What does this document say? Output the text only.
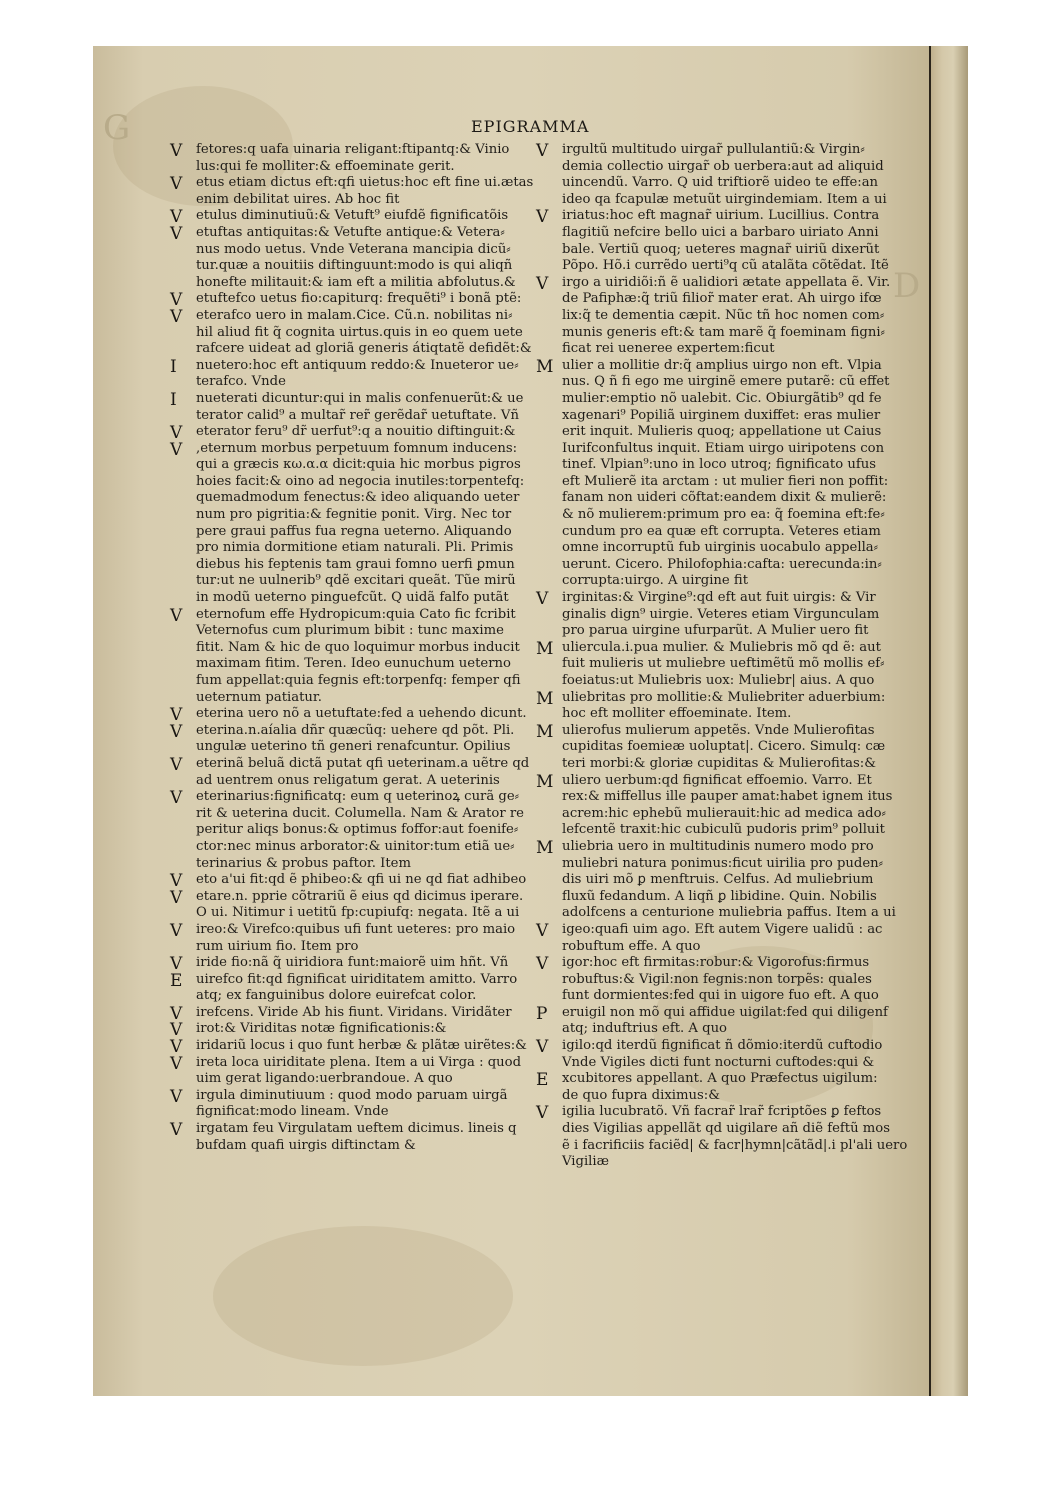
G
D
EPIGRAMMA
V fetores:q uafa uinaria religant:ftipantq:& Vinio
lus:qui fe molliter:& effoeminate gerit.
V etus etiam dictus eft:qfi uietus:hoc eft fine ui.ætas
enim debilitat uires. Ab hoc fit
V etulus diminutiuũ:& Vetuft⁹ eiufdẽ fignificatõis
V etuftas antiquitas:& Vetufte antique:& Vetera⸗
nus modo uetus. Vnde Veterana mancipia dicũ⸗
tur.quæ a nouitiis diftinguunt:modo is qui aliqñ
honefte militauit:& iam eft a militia abfolutus.&
V etuftefco uetus fio:capiturq: frequẽti⁹ i bonã ptẽ:
V eterafco uero in malam.Cice. Cũ.n. nobilitas ni⸗
hil aliud fit q̃ cognita uirtus.quis in eo quem uete
rafcere uideat ad gloriã generis átiqtatẽ defidẽt:&
I	nuetero:hoc eft antiquum reddo:& Inueteror ue⸗
terafco. Vnde
I	nueterati dicuntur:qui in malis confenuerũt:& ue
terator calid⁹ a multar̃ rer̃ gerẽdar̃ uetuftate. Vñ
V eterator feru⁹ dr̃ uerfut⁹:q a nouitio diftinguit:&
V ,eternum morbus perpetuum fomnum inducens:
qui a græcis κω.α.α dicit:quia hic morbus pigros
hoies facit:& oino ad negocia inutiles:torpentefq:
quemadmodum fenectus:& ideo aliquando ueter
num pro pigritia:& fegnitie ponit. Virg. Nec tor
pere graui paffus fua regna ueterno. Aliquando
pro nimia dormitione etiam naturali. Pli. Primis
diebus his feptenis tam graui fomno uerfi ꝑmun
tur:ut ne uulnerib⁹ qdẽ excitari queãt. Tũe mirũ
in modũ ueterno pinguefcũt. Q uidã falfo putãt
V eternofum effe Hydropicum:quia Cato fic fcribit
Veternofus cum plurimum bibit : tunc maxime
fitit. Nam & hic de quo loquimur morbus inducit
maximam fitim. Teren. Ideo eunuchum ueterno
fum appellat:quia fegnis eft:torpenfq: femper qfi
ueternum patiatur.
V eterina uero nõ a uetuftate:fed a uehendo dicunt.
V eterina.n.aíalia dñr quæcũq: uehere qd põt. Pli.
ungulæ ueterino tñ generi renafcuntur. Opilius
V eterinã beluã dictã putat qfi ueterinam.a uẽtre qd
ad uentrem onus religatum gerat. A ueterinis
V eterinarius:fignificatq: eum q ueterinoꝝ curã ge⸗
rit & ueterina ducit. Columella. Nam & Arator re
peritur aliqs bonus:& optimus foffor:aut foenife⸗
ctor:nec minus arborator:& uinitor:tum etiã ue⸗
terinarius & probus paftor. Item
V eto a'ui fit:qd ẽ phibeo:& qfi ui ne qd fiat adhibeo
V etare.n. pprie cõtrariũ ẽ eius qd dicimus iperare.
O ui. Nitimur i uetitũ fp:cupiufq: negata. Itẽ a ui
V ireo:& Virefco:quibus ufi funt ueteres: pro maio
rum uirium fio. Item pro
V iride fio:nã q̃ uiridiora funt:maiorẽ uim hñt. Vñ
E uirefco fit:qd fignificat uiriditatem amitto. Varro
atq; ex fanguinibus dolore euirefcat color.
V irefcens. Viride Ab his fiunt. Viridans. Viridãter
V irot:& Viriditas notæ fignificationis:&
V iridariũ locus i quo funt herbæ & plãtæ uirẽtes:&
V ireta loca uiriditate plena. Item a ui Virga : quod
uim gerat ligando:uerbrandoue. A quo
V irgula diminutiuum : quod modo paruam uirgã
fignificat:modo lineam. Vnde
V irgatam feu Virgulatam ueftem dicimus. lineis q
bufdam quafi uirgis diftinctam &
V irgultũ multitudo uirgar̃ pullulantiũ:& Virgin⸗
demia collectio uirgar̃ ob uerbera:aut ad aliquid
uincendũ. Varro. Q uid triftiorẽ uideo te effe:an
ideo qa fcapulæ metuũt uirgindemiam. Item a ui
V iriatus:hoc eft magnar̃ uirium. Lucillius. Contra
flagitiũ nefcire bello uici a barbaro uiriato Anni
bale. Vertiũ quoq; ueteres magnar̃ uiriũ dixerũt
Põpo. Hõ.i currẽdo uerti⁹q cũ atalãta cõtẽdat. Itẽ
V irgo a uiridiõi:ñ ẽ ualidiori ætate appellata ẽ. Vir.
de Pafiphæ:q̃ triũ filior̃ mater erat. Ah uirgo ifœ
lix:q̃ te dementia cæpit. Nũc tñ hoc nomen com⸗
munis generis eft:& tam marẽ q̃ foeminam figni⸗
ficat rei ueneree expertem:ficut
M ulier a mollitie dr:q̃ amplius uirgo non eft. Vlpia
nus. Q ñ fi ego me uirginẽ emere putarẽ: cũ effet
mulier:emptio nõ ualebit. Cic. Obiurgãtib⁹ qd fe
xagenari⁹ Popiliã uirginem duxiffet: eras mulier
erit inquit. Mulieris quoq; appellatione ut Caius
Iurifconfultus inquit. Etiam uirgo uiripotens con
tinef. Vlpian⁹:uno in loco utroq; fignificato ufus
eft Mulierẽ ita arctam : ut mulier fieri non poffit:
fanam non uideri cõftat:eandem dixit & mulierẽ:
& nõ mulierem:primum pro ea: q̃ foemina eft:fe⸗
cundum pro ea quæ eft corrupta. Veteres etiam
omne incorruptũ fub uirginis uocabulo appella⸗
uerunt. Cicero. Philofophia:cafta: uerecunda:in⸗
corrupta:uirgo. A uirgine fit
V irginitas:& Virgine⁹:qd eft aut fuit uirgis: & Vir
ginalis dign⁹ uirgie. Veteres etiam Virgunculam
pro parua uirgine ufurparũt. A Mulier uero fit
M uliercula.i.pua mulier. & Muliebris mõ qd ẽ: aut
fuit mulieris ut muliebre ueftimẽtũ mõ mollis ef⸗
foeiatus:ut Muliebris uox: Muliebr| aius. A quo
M uliebritas pro mollitie:& Muliebriter aduerbium:
hoc eft molliter effoeminate. Item.
M ulierofus mulierum appetẽs. Vnde Mulierofitas
cupiditas foemieæ uoluptat|. Cicero. Simulq: cæ
teri morbi:& gloriæ cupiditas & Mulierofitas:&
M uliero uerbum:qd fignificat effoemio. Varro. Et
rex:& miffellus ille pauper amat:habet ignem itus
acrem:hic ephebũ mulierauit:hic ad medica ado⸗
lefcentẽ traxit:hic cubiculũ pudoris prim⁹ polluit
M uliebria uero in multitudinis numero modo pro
muliebri natura ponimus:ficut uirilia pro puden⸗
dis uiri mõ ꝑ menftruis. Celfus. Ad muliebrium
fluxũ fedandum. A liqñ ꝑ libidine. Quin. Nobilis
adolfcens a centurione muliebria paffus. Item a ui
V igeo:quafi uim ago. Eft autem Vigere ualidũ : ac
robuftum effe. A quo
V igor:hoc eft firmitas:robur:& Vigorofus:firmus
robuftus:& Vigil:non fegnis:non torpẽs: quales
funt dormientes:fed qui in uigore fuo eft. A quo
P	eruigil non mõ qui affidue uigilat:fed qui diligenf
atq; induftrius eft. A quo
V igilo:qd iterdũ fignificat ñ dõmio:iterdũ cuftodio
Vnde Vigiles dicti funt nocturni cuftodes:qui &
E xcubitores appellant. A quo Præfectus uigilum:
de quo fupra diximus:&
V igilia lucubratõ. Vñ facrar̃ lrar̃ fcriptões ꝑ feftos
dies Vigilias appellãt qd uigilare añ diẽ feftũ mos
ẽ i facrificiis faciẽd| & facr|hymn|cãtãd|.i pl'ali uero
Vigiliæ
